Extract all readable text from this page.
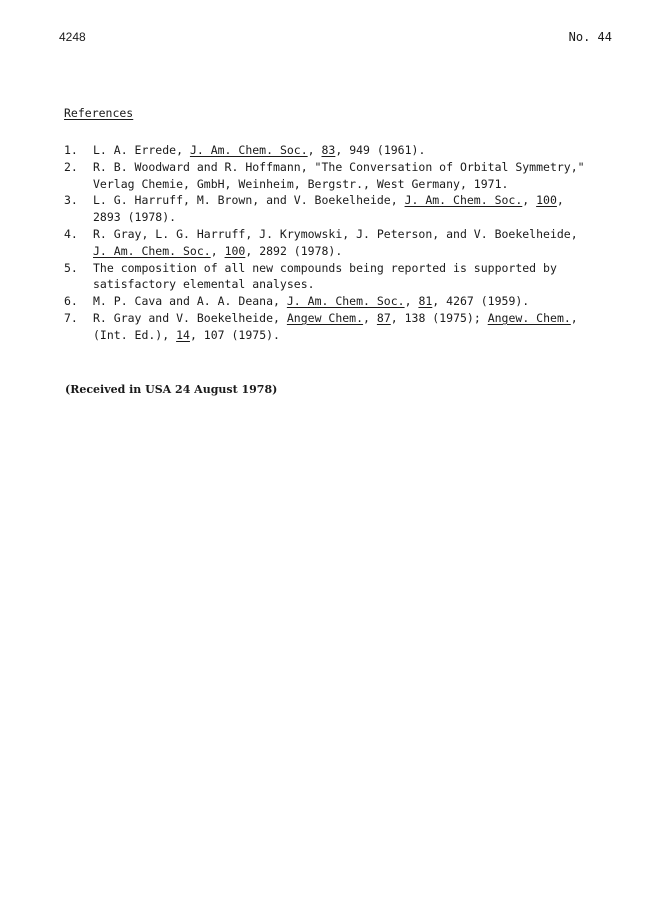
4248	No. 44
References
1.	L. A. Errede, J. Am. Chem. Soc., 83, 949 (1961).
2.	R. B. Woodward and R. Hoffmann, "The Conversation of Orbital Symmetry,"
Verlag Chemie, GmbH, Weinheim, Bergstr., West Germany, 1971.
3.	L. G. Harruff, M. Brown, and V. Boekelheide, J. Am. Chem. Soc., 100,
2893 (1978).
4.	R. Gray, L. G. Harruff, J. Krymowski, J. Peterson, and V. Boekelheide,
J. Am. Chem. Soc., 100, 2892 (1978).
5.	The composition of all new compounds being reported is supported by
satisfactory elemental analyses.
6.	M. P. Cava and A. A. Deana, J. Am. Chem. Soc., 81, 4267 (1959).
7.	R. Gray and V. Boekelheide, Angew Chem., 87, 138 (1975); Angew. Chem.,
(Int. Ed.), 14, 107 (1975).
(Received in USA 24 August 1978)
